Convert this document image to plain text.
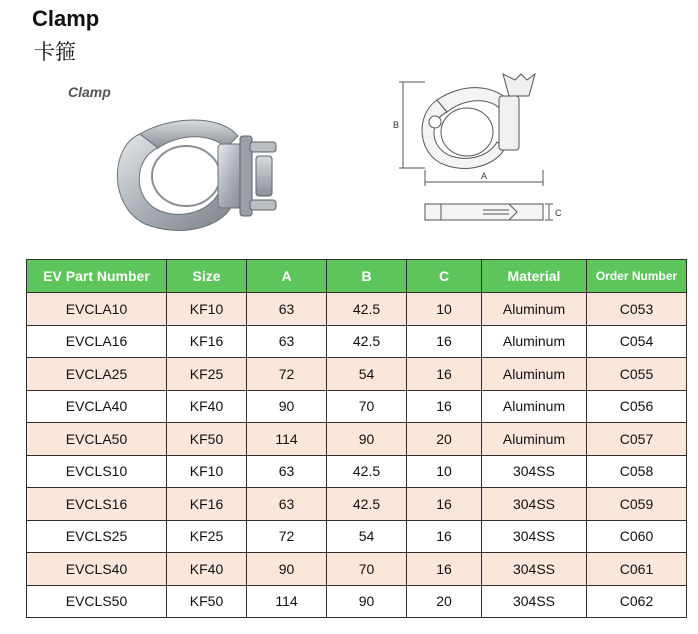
Clamp
卡箍
Clamp
B
A
C
EV Part Number	Size	A	B	C	Material	Order Number
EVCLA10	KF10	63	42.5	10	Aluminum	C053
EVCLA16	KF16	63	42.5	16	Aluminum	C054
EVCLA25	KF25	72	54	16	Aluminum	C055
EVCLA40	KF40	90	70	16	Aluminum	C056
EVCLA50	KF50	114	90	20	Aluminum	C057
EVCLS10	KF10	63	42.5	10	304SS	C058
EVCLS16	KF16	63	42.5	16	304SS	C059
EVCLS25	KF25	72	54	16	304SS	C060
EVCLS40	KF40	90	70	16	304SS	C061
EVCLS50	KF50	114	90	20	304SS	C062
